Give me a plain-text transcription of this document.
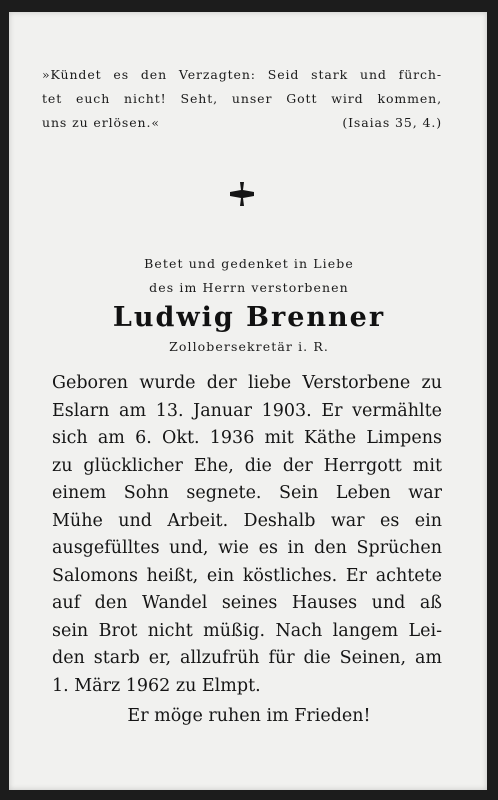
»Kündet es den Verzagten: Seid stark und fürch-
tet euch nicht! Seht, unser Gott wird kommen,
uns zu erlösen.«	(Isaias 35, 4.)
Betet und gedenket in Liebe
des im Herrn verstorbenen
Ludwig Brenner
Zollobersekretär i. R.
Geboren wurde der liebe Verstorbene zu
Eslarn am 13. Januar 1903. Er vermählte
sich am 6. Okt. 1936 mit Käthe Limpens
zu glücklicher Ehe, die der Herrgott mit
einem Sohn segnete. Sein Leben war
Mühe und Arbeit. Deshalb war es ein
ausgefülltes und, wie es in den Sprüchen
Salomons heißt, ein köstliches. Er achtete
auf den Wandel seines Hauses und aß
sein Brot nicht müßig. Nach langem Lei-
den starb er, allzufrüh für die Seinen, am
1. März 1962 zu Elmpt.
Er möge ruhen im Frieden!
